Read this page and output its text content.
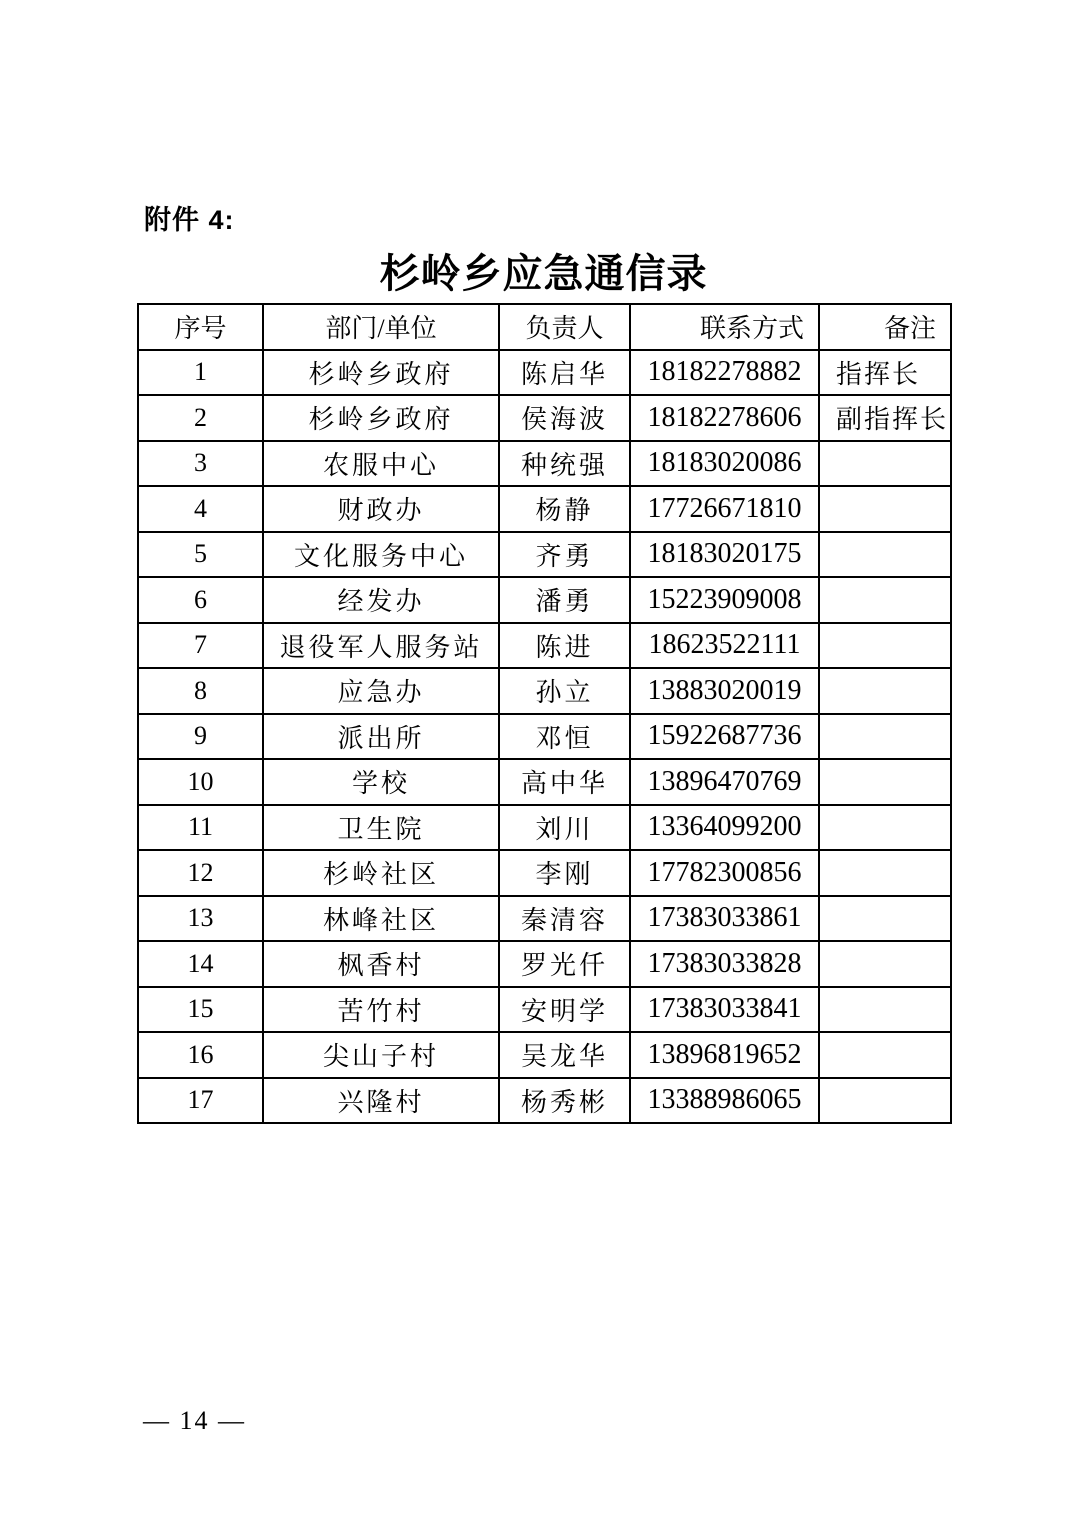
附件 4:
杉岭乡应急通信录
序号	部门/单位	负责人	联系方式	备注
1	杉岭乡政府	陈启华	18182278882	指挥长
2	杉岭乡政府	侯海波	18182278606	副指挥长
3	农服中心	种统强	18183020086	
4	财政办	杨静	17726671810	
5	文化服务中心	齐勇	18183020175	
6	经发办	潘勇	15223909008	
7	退役军人服务站	陈进	18623522111	
8	应急办	孙立	13883020019	
9	派出所	邓恒	15922687736	
10	学校	高中华	13896470769	
11	卫生院	刘川	13364099200	
12	杉岭社区	李刚	17782300856	
13	林峰社区	秦清容	17383033861	
14	枫香村	罗光仟	17383033828	
15	苦竹村	安明学	17383033841	
16	尖山子村	吴龙华	13896819652	
17	兴隆村	杨秀彬	13388986065	
— 14 —
